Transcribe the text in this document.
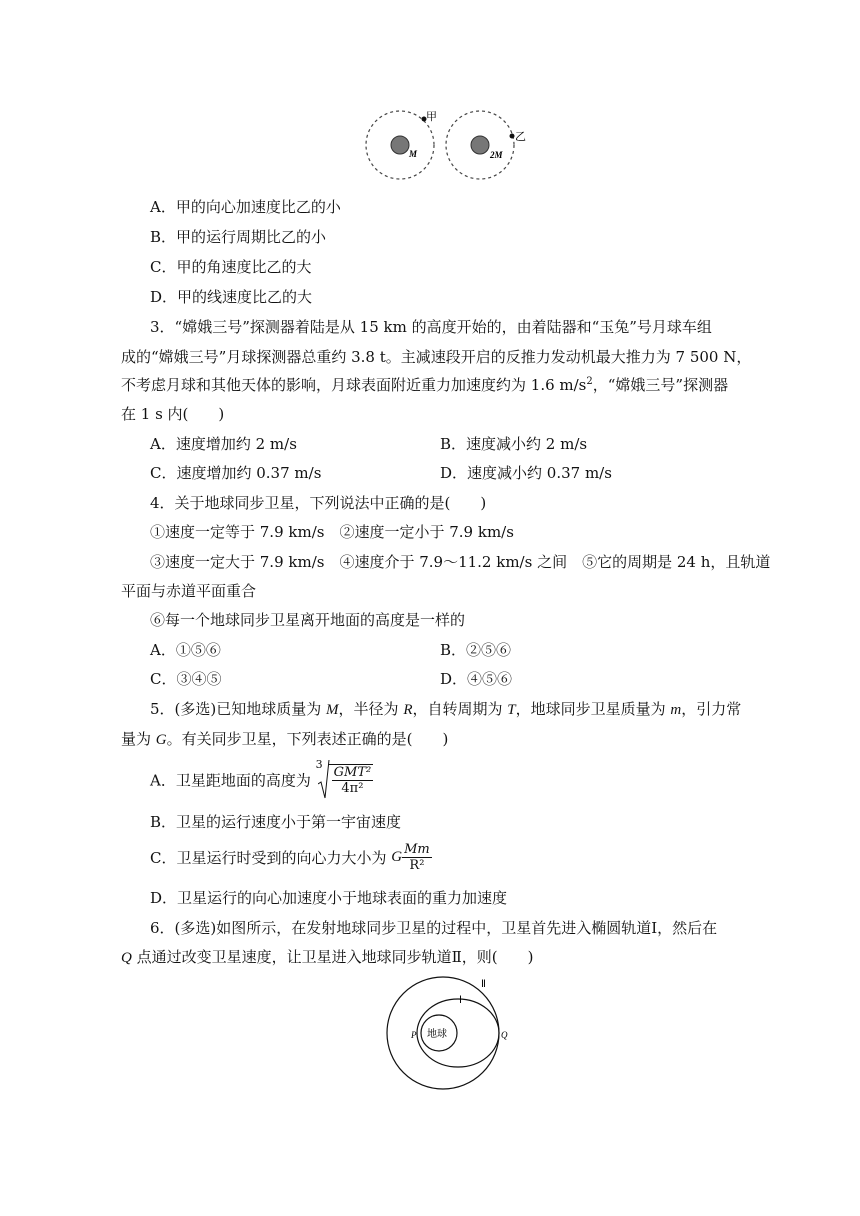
甲
M
乙
2M
A．甲的向心加速度比乙的小
B．甲的运行周期比乙的小
C．甲的角速度比乙的大
D．甲的线速度比乙的大
3．“嫦娥三号”探测器着陆是从 15 km 的高度开始的，由着陆器和“玉兔”号月球车组
成的“嫦娥三号”月球探测器总重约 3.8 t。主减速段开启的反推力发动机最大推力为 7 500 N，
不考虑月球和其他天体的影响，月球表面附近重力加速度约为 1.6 $m/s^2$，“嫦娥三号”探测器
在 1 s 内(　　)
A．速度增加约 2 m/s	B．速度减小约 2 m/s
C．速度增加约 0.37 m/s	D．速度减小约 0.37 m/s
4．关于地球同步卫星，下列说法中正确的是(　　)
①速度一定等于 7.9 km/s　②速度一定小于 7.9 km/s
③速度一定大于 7.9 km/s　④速度介于 7.9～11.2 km/s 之间　⑤它的周期是 24 h，且轨道
平面与赤道平面重合
⑥每一个地球同步卫星离开地面的高度是一样的
A．①⑤⑥	B．②⑤⑥
C．③④⑤	D．④⑤⑥
5．(多选)已知地球质量为 M，半径为 R，自转周期为 T，地球同步卫星质量为 m，引力常
量为 G。有关同步卫星，下列表述正确的是(　　)
A．卫星距地面的高度为
$3 \frac{\text{GMT²}}{\text{4π²}}$
B．卫星的运行速度小于第一宇宙速度
C．卫星运行时受到的向心力大小为 G $\frac{Mm}{\text{R²}}$
D．卫星运行的向心加速度小于地球表面的重力加速度
6．(多选)如图所示，在发射地球同步卫星的过程中，卫星首先进入椭圆轨道Ⅰ，然后在
Q 点通过改变卫星速度，让卫星进入地球同步轨道Ⅱ，则(　　)
地球
P	Q
Ⅰ
Ⅱ
